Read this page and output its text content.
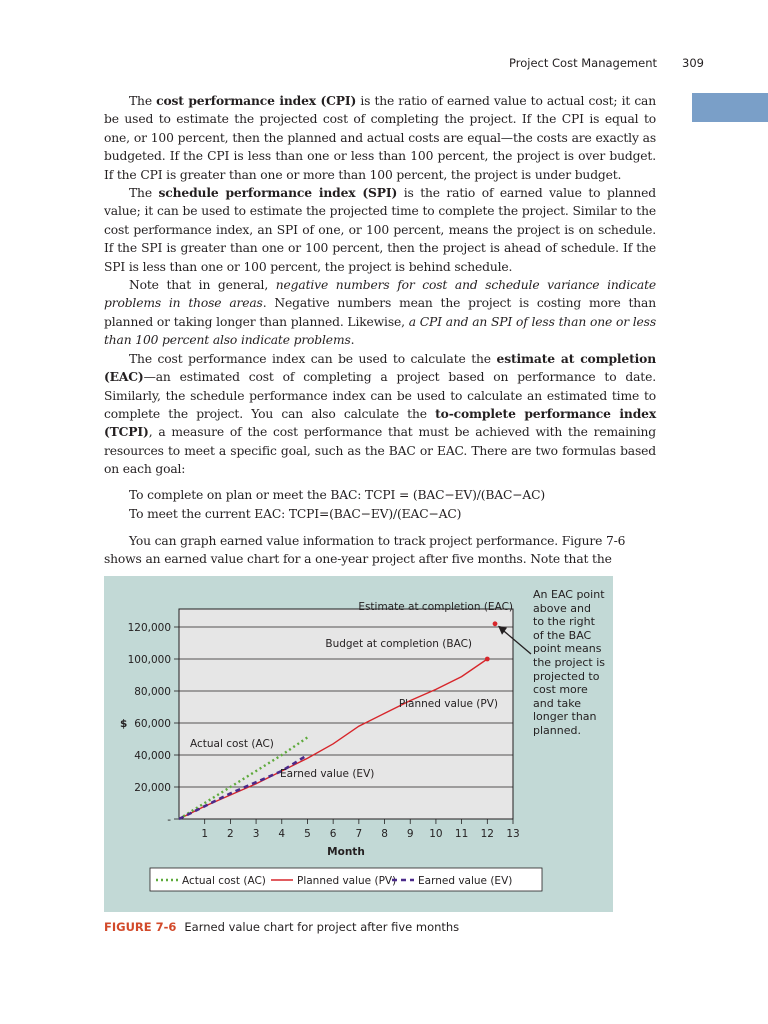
Project Cost Management 309

The cost performance index (CPI) is the ratio of earned value to actual cost; it can be used to estimate the projected cost of completing the project. If the CPI is equal to one, or 100 percent, then the planned and actual costs are equal—the costs are exactly as budgeted. If the CPI is less than one or less than 100 percent, the project is over budget. If the CPI is greater than one or more than 100 percent, the project is under budget.

The schedule performance index (SPI) is the ratio of earned value to planned value; it can be used to estimate the projected time to complete the project. Similar to the cost performance index, an SPI of one, or 100 percent, means the project is on schedule. If the SPI is greater than one or 100 percent, then the project is ahead of schedule. If the SPI is less than one or 100 percent, the project is behind schedule.

Note that in general, negative numbers for cost and schedule variance indicate problems in those areas. Negative numbers mean the project is costing more than planned or taking longer than planned. Likewise, a CPI and an SPI of less than one or less than 100 percent also indicate problems.

The cost performance index can be used to calculate the estimate at completion (EAC)—an estimated cost of completing a project based on performance to date. Similarly, the schedule performance index can be used to calculate an estimated time to complete the project. You can also calculate the to-complete performance index (TCPI), a measure of the cost performance that must be achieved with the remaining resources to meet a specific goal, such as the BAC or EAC. There are two formulas based on each goal:

To complete on plan or meet the BAC: TCPI = (BAC−EV)/(BAC−AC)
To meet the current EAC: TCPI=(BAC−EV)/(EAC−AC)

You can graph earned value information to track project performance. Figure 7-6 shows an earned value chart for a one-year project after five months. Note that the

-
20,000
40,000
60,000
80,000
100,000
120,000
1 2 3 4 5 6 7 8 9 10 11 12 13
$
Month
Estimate at completion (EAC)
Budget at completion (BAC)
Planned value (PV)
Actual cost (AC)
Earned value (EV)
Actual cost (AC)	Planned value (PV) Earned value (EV)
An EAC point above and to the right of the BAC point means the project is projected to cost more and take longer than planned.
FIGURE 7-6 Earned value chart for project after five months
